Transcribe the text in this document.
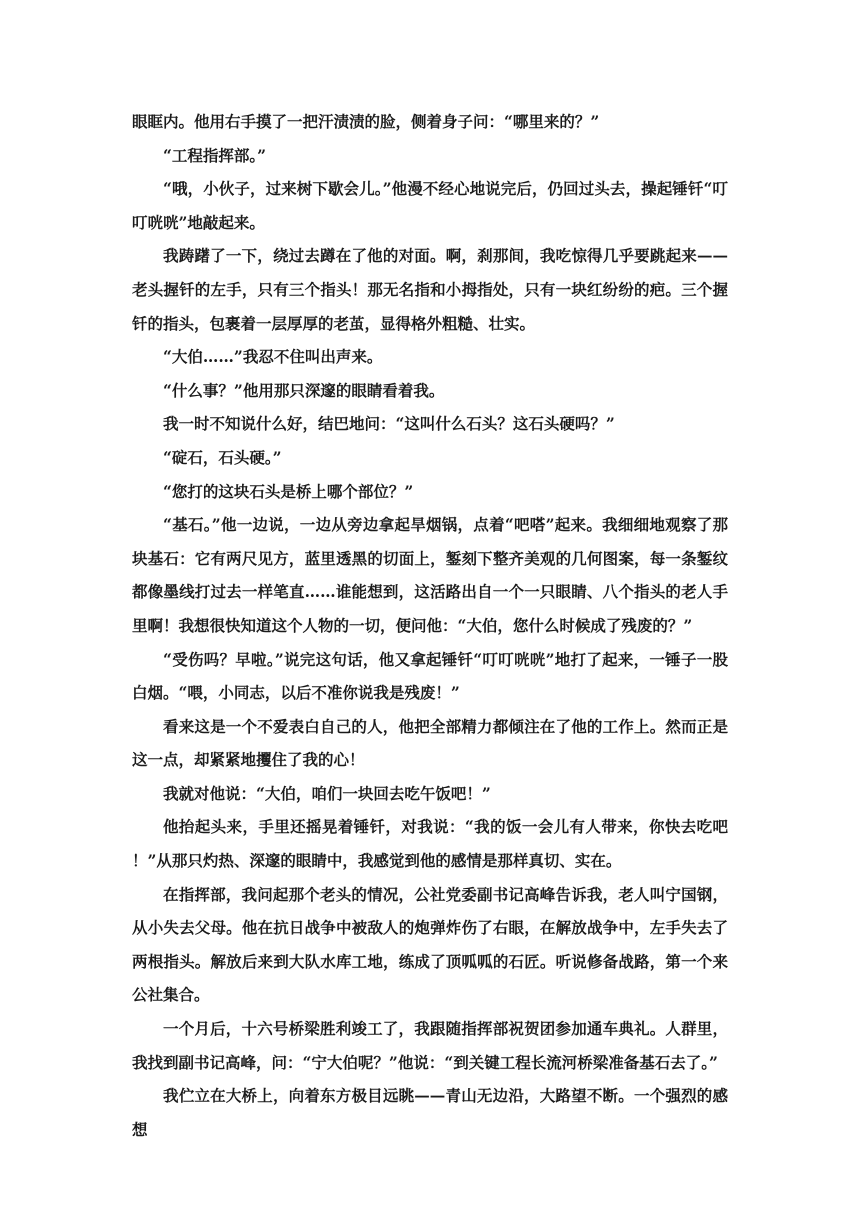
眼眶内。他用右手摸了一把汗渍渍的脸，侧着身子问：“哪里来的？”

“工程指挥部。”

“哦，小伙子，过来树下歇会儿。”他漫不经心地说完后，仍回过头去，操起锤钎“叮叮咣咣”地敲起来。

我踌躇了一下，绕过去蹲在了他的对面。啊，刹那间，我吃惊得几乎要跳起来——老头握钎的左手，只有三个指头！那无名指和小拇指处，只有一块红纷纷的疤。三个握钎的指头，包裹着一层厚厚的老茧，显得格外粗糙、壮实。

“大伯……”我忍不住叫出声来。

“什么事？”他用那只深邃的眼睛看着我。

我一时不知说什么好，结巴地问：“这叫什么石头？这石头硬吗？”

“碇石，石头硬。”

“您打的这块石头是桥上哪个部位？”

“基石。”他一边说，一边从旁边拿起旱烟锅，点着“吧嗒”起来。我细细地观察了那块基石：它有两尺见方，蓝里透黑的切面上，錾刻下整齐美观的几何图案，每一条錾纹都像墨线打过去一样笔直……谁能想到，这活路出自一个一只眼睛、八个指头的老人手里啊！我想很快知道这个人物的一切，便问他：“大伯，您什么时候成了残废的？”

“受伤吗？早啦。”说完这句话，他又拿起锤钎“叮叮咣咣”地打了起来，一锤子一股白烟。“喂，小同志，以后不准你说我是残废！”

看来这是一个不爱表白自己的人，他把全部精力都倾注在了他的工作上。然而正是这一点，却紧紧地攫住了我的心！

我就对他说：“大伯，咱们一块回去吃午饭吧！”

他抬起头来，手里还摇晃着锤钎，对我说：“我的饭一会儿有人带来，你快去吃吧！”从那只灼热、深邃的眼睛中，我感觉到他的感情是那样真切、实在。

在指挥部，我问起那个老头的情况，公社党委副书记高峰告诉我，老人叫宁国钢，从小失去父母。他在抗日战争中被敌人的炮弹炸伤了右眼，在解放战争中，左手失去了两根指头。解放后来到大队水库工地，练成了顶呱呱的石匠。听说修备战路，第一个来公社集合。

一个月后，十六号桥梁胜利竣工了，我跟随指挥部祝贺团参加通车典礼。人群里，我找到副书记高峰，问：“宁大伯呢？”他说：“到关键工程长流河桥梁准备基石去了。”

我伫立在大桥上，向着东方极目远眺——青山无边沿，大路望不断。一个强烈的感想
